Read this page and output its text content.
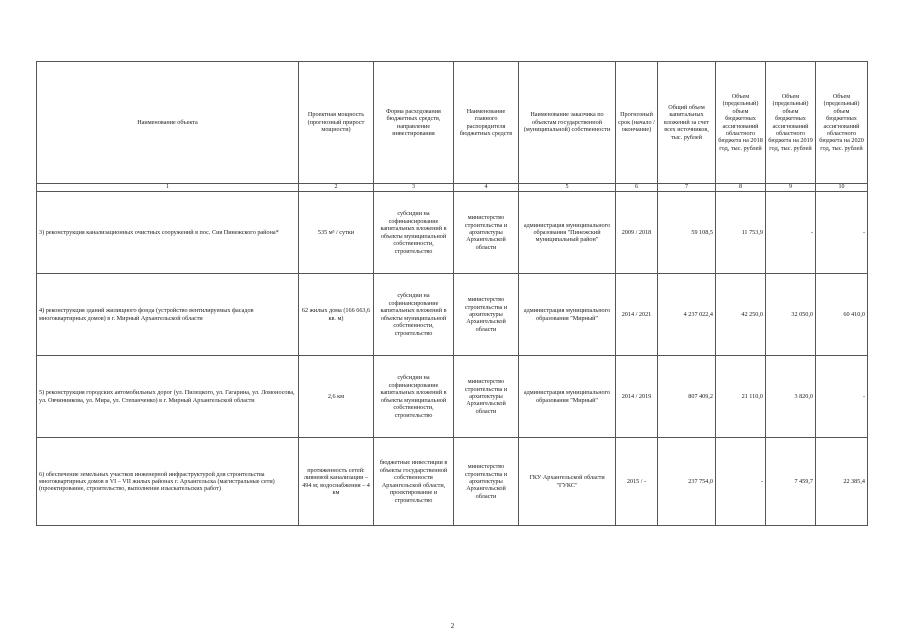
Наименование объекта	Проектная мощность (прогнозный прирост мощности)	Форма расходования бюджетных средств, направление инвестирования	Наименование главного распорядителя бюджетных средств	Наименование заказчика по объектам государственной (муниципальной) собственности	Прогнозный срок (начало / окончание)	Общий объем капитальных вложений за счет всех источников, тыс. рублей	Объем (предельный) объем бюджетных ассигнований областного бюджета на 2018 год, тыс. рублей	Объем (предельный) объем бюджетных ассигнований областного бюджета на 2019 год, тыс. рублей	Объем (предельный) объем бюджетных ассигнований областного бюджета на 2020 год, тыс. рублей
1	2	3	4	5	6	7	8	9	10
3) реконструкция канализационных очистных сооружений в пос. Сия Пинежского района*	535 м³ / сутки	субсидии на софинансирование капитальных вложений в объекты муниципальной собственности, строительство	министерство строительства и архитектуры Архангельской области	администрация муниципального образования "Пинежский муниципальный район"	2009 / 2018	59 108,5	11 753,9	-	-
4) реконструкция зданий жилищного фонда (устройство вентилируемых фасадов многоквартирных домов) в г. Мирный Архангельской области	62 жилых дома (166 663,6 кв. м)	субсидии на софинансирование капитальных вложений в объекты муниципальной собственности, строительство	министерство строительства и архитектуры Архангельской области	администрация муниципального образования "Мирный"	2014 / 2021	4 237 022,4	42 250,0	32 050,0	60 410,0
5) реконструкция городских автомобильных дорог (ул. Пилецкого, ул. Гагарина, ул. Ломоносова, ул. Овчинникова, ул. Мира, ул. Степанченко) в г. Мирный Архангельской области	2,6 км	субсидии на софинансирование капитальных вложений в объекты муниципальной собственности, строительство	министерство строительства и архитектуры Архангельской области	администрация муниципального образования "Мирный"	2014 / 2019	807 409,2	21 110,0	3 820,0	-
6) обеспечение земельных участков инженерной инфраструктурой для строительства многоквартирных домов в VI – VII жилых районах г. Архангельска (магистральные сети) (проектирование, строительство, выполнение изыскательских работ)	протяженность сетей: ливневой канализации – 494 м; водоснабжения – 4 км	бюджетные инвестиции в объекты государственной собственности Архангельской области, проектирование и строительство	министерство строительства и архитектуры Архангельской области	ГКУ Архангельской области "ГУКС"	2015 / -	237 754,0	-	7 459,7	22 385,4
2
